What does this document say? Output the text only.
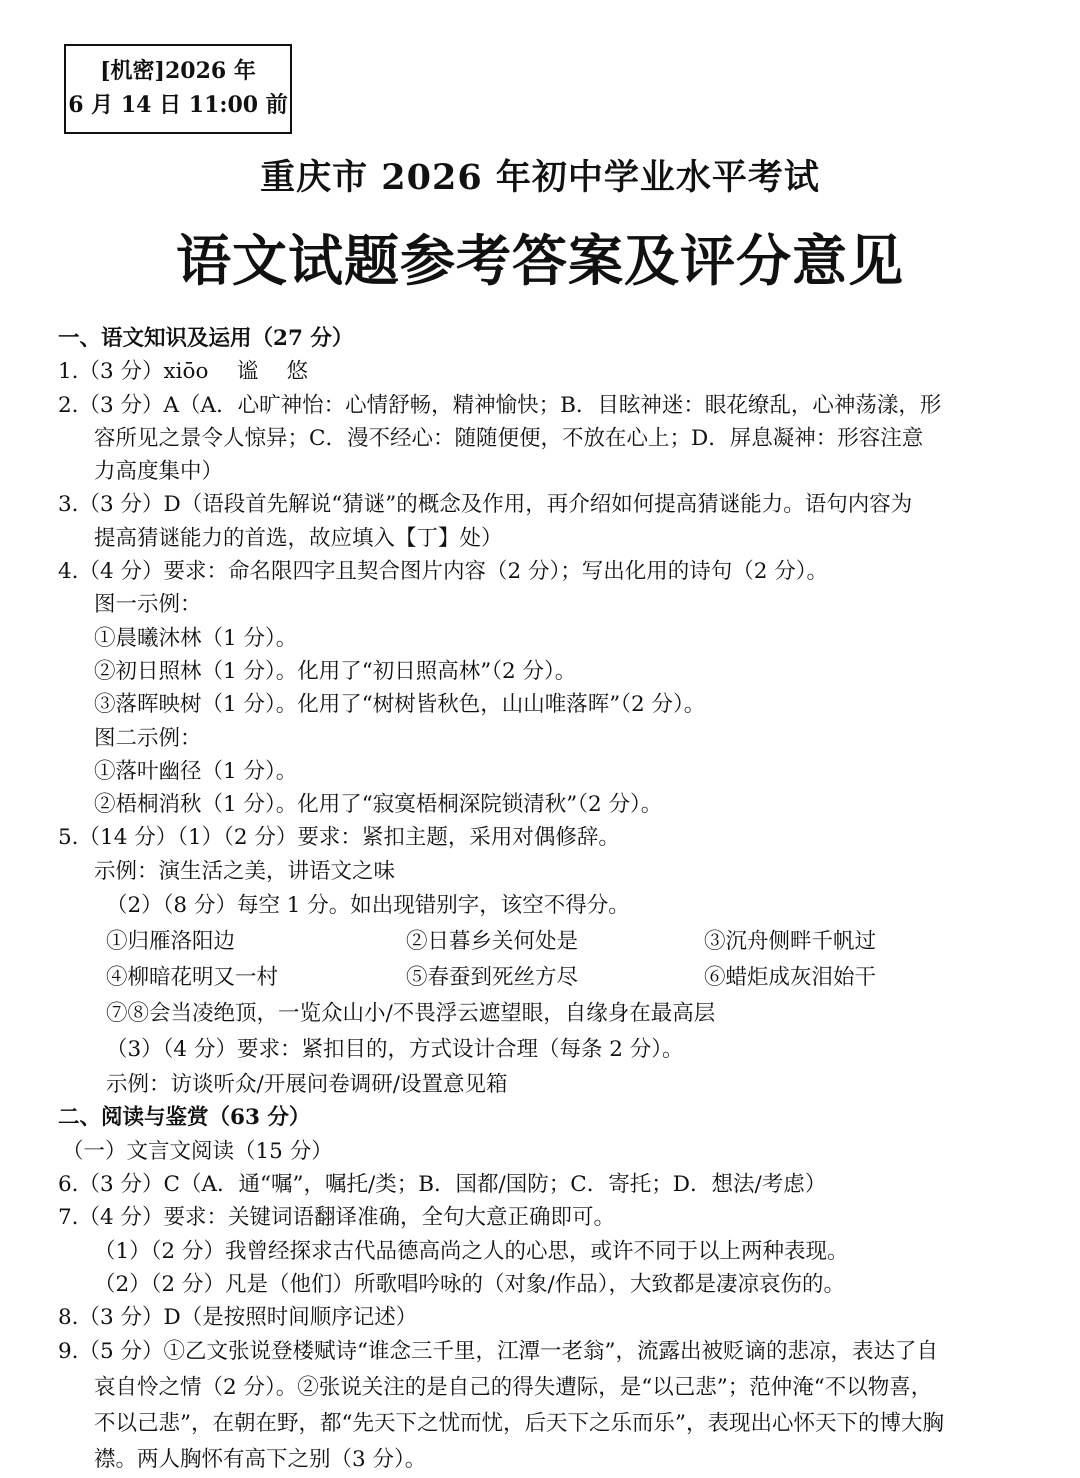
[机密]2026 年
6 月 14 日 11:00 前
重庆市 2026 年初中学业水平考试
语文试题参考答案及评分意见
一、语文知识及运用（27 分）
1.（3 分）xiōo　 谧　 悠
2.（3 分）A（A．心旷神怡：心情舒畅，精神愉快；B．目眩神迷：眼花缭乱，心神荡漾，形
容所见之景令人惊异；C．漫不经心：随随便便，不放在心上；D．屏息凝神：形容注意
力高度集中）
3.（3 分）D（语段首先解说“猜谜”的概念及作用，再介绍如何提高猜谜能力。语句内容为
提高猜谜能力的首选，故应填入【丁】处）
4.（4 分）要求：命名限四字且契合图片内容（2 分）；写出化用的诗句（2 分）。
图一示例：
①晨曦沐林（1 分）。
②初日照林（1 分）。化用了“初日照高林”（2 分）。
③落晖映树（1 分）。化用了“树树皆秋色，山山唯落晖”（2 分）。
图二示例：
①落叶幽径（1 分）。
②梧桐消秋（1 分）。化用了“寂寞梧桐深院锁清秋”（2 分）。
5.（14 分）（1）（2 分）要求：紧扣主题，采用对偶修辞。
示例：演生活之美，讲语文之味
（2）（8 分）每空 1 分。如出现错别字，该空不得分。
①归雁洛阳边	②日暮乡关何处是	③沉舟侧畔千帆过
④柳暗花明又一村	⑤春蚕到死丝方尽	⑥蜡炬成灰泪始干
⑦⑧会当凌绝顶，一览众山小/不畏浮云遮望眼，自缘身在最高层
（3）（4 分）要求：紧扣目的，方式设计合理（每条 2 分）。
示例：访谈听众/开展问卷调研/设置意见箱
二、阅读与鉴赏（63 分）
（一）文言文阅读（15 分）
6.（3 分）C（A．通“嘱”，嘱托/类；B．国都/国防；C．寄托；D．想法/考虑）
7.（4 分）要求：关键词语翻译准确，全句大意正确即可。
（1）（2 分）我曾经探求古代品德高尚之人的心思，或许不同于以上两种表现。
（2）（2 分）凡是（他们）所歌唱吟咏的（对象/作品），大致都是凄凉哀伤的。
8.（3 分）D（是按照时间顺序记述）
9.（5 分）①乙文张说登楼赋诗“谁念三千里，江潭一老翁”，流露出被贬谪的悲凉，表达了自
哀自怜之情（2 分）。②张说关注的是自己的得失遭际，是“以己悲”；范仲淹“不以物喜，
不以己悲”，在朝在野，都“先天下之忧而忧，后天下之乐而乐”，表现出心怀天下的博大胸
襟。两人胸怀有高下之别（3 分）。
